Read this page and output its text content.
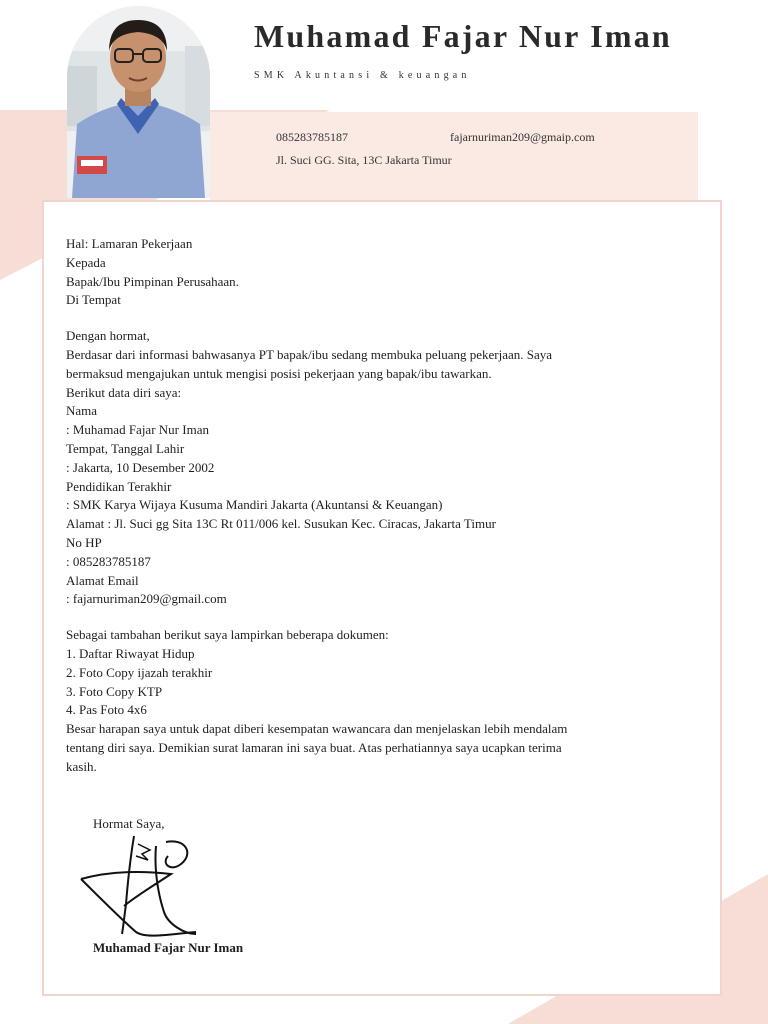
Muhamad Fajar Nur Iman
SMK Akuntansi & keuangan
085283785187	fajarnuriman209@gmaip.com
Jl. Suci GG. Sita, 13C Jakarta Timur
Hal: Lamaran Pekerjaan
Kepada
Bapak/Ibu Pimpinan Perusahaan.
Di Tempat
Dengan hormat,
Berdasar dari informasi bahwasanya PT bapak/ibu sedang membuka peluang pekerjaan. Saya
bermaksud mengajukan untuk mengisi posisi pekerjaan yang bapak/ibu tawarkan.
Berikut data diri saya:
Nama
: Muhamad Fajar Nur Iman
Tempat, Tanggal Lahir
: Jakarta, 10 Desember 2002
Pendidikan Terakhir
: SMK Karya Wijaya Kusuma Mandiri Jakarta (Akuntansi & Keuangan)
Alamat : Jl. Suci gg Sita 13C Rt 011/006 kel. Susukan Kec. Ciracas, Jakarta Timur
No HP
: 085283785187
Alamat Email
: fajarnuriman209@gmail.com
Sebagai tambahan berikut saya lampirkan beberapa dokumen:
1. Daftar Riwayat Hidup
2. Foto Copy ijazah terakhir
3. Foto Copy KTP
4. Pas Foto 4x6
Besar harapan saya untuk dapat diberi kesempatan wawancara dan menjelaskan lebih mendalam
tentang diri saya. Demikian surat lamaran ini saya buat. Atas perhatiannya saya ucapkan terima
kasih.
Hormat Saya,
Muhamad Fajar Nur Iman
